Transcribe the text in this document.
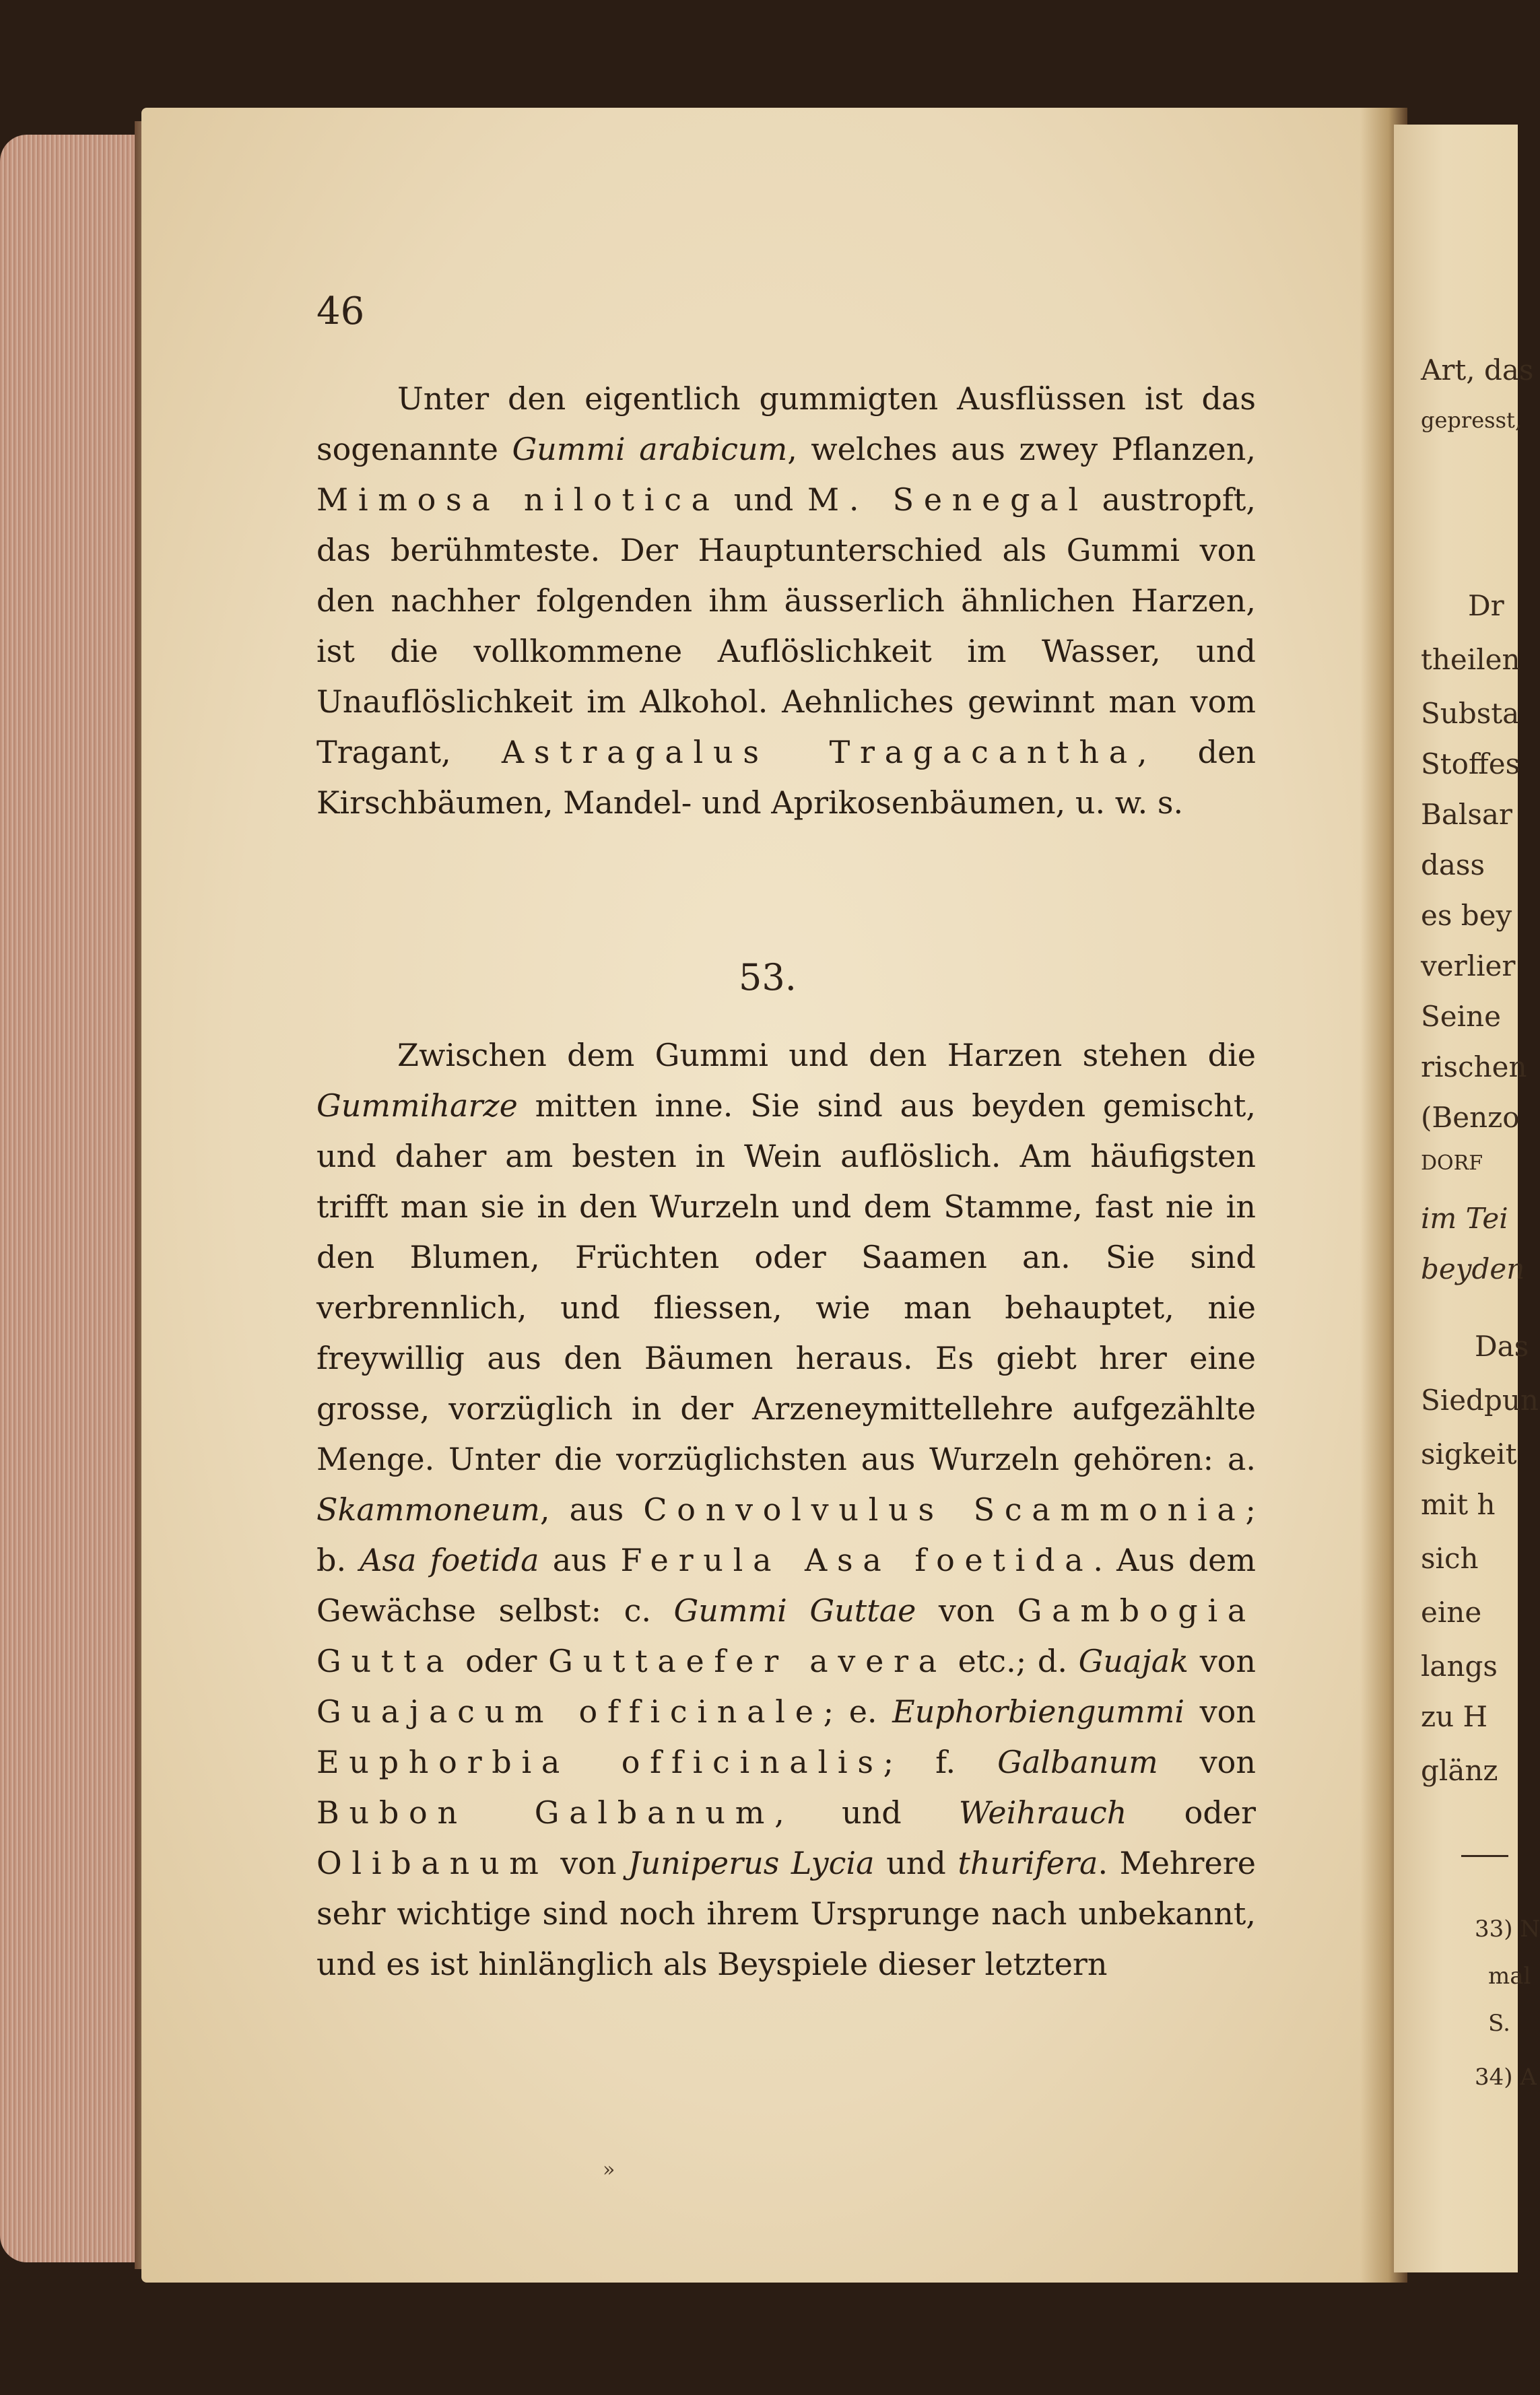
Art, das
gepresst,
Dr
theilen
Substa
Stoffes
Balsar
dass
es bey
verlier
Seine
rischen
(Benzo
DORF
im Tei
beyden
Das
Siedpun
sigkeit
mit h
sich
eine
langs
zu H
glänz
33) N
mal
S.
34) A
46

Unter den eigentlich gummigten Ausflüssen ist das sogenannte Gummi arabicum, welches aus zwey Pflanzen, Mimosa nilotica und M. Senegal austropft, das berühmteste. Der Hauptunterschied als Gummi von den nachher folgenden ihm äusserlich ähnlichen Harzen, ist die vollkommene Auflöslichkeit im Wasser, und Unauflöslichkeit im Alkohol. Aehnliches gewinnt man vom Tragant, Astragalus Tragacantha, den Kirschbäumen, Mandel- und Aprikosenbäumen, u. w. s.

53.

Zwischen dem Gummi und den Harzen stehen die Gummiharze mitten inne. Sie sind aus beyden gemischt, und daher am besten in Wein auflöslich. Am häufigsten trifft man sie in den Wurzeln und dem Stamme, fast nie in den Blumen, Früchten oder Saamen an. Sie sind verbrennlich, und fliessen, wie man behauptet, nie freywillig aus den Bäumen heraus. Es giebt hrer eine grosse, vorzüglich in der Arzeneymittellehre aufgezählte Menge. Unter die vorzüglichsten aus Wurzeln gehören: a. Skammoneum, aus Convolvulus Scammonia; b. Asa foetida aus Ferula Asa foetida. Aus dem Gewächse selbst: c. Gummi Guttae von Gambogia Gutta oder Guttaefer avera etc.; d. Guajak von Guajacum officinale; e. Euphorbiengummi von Euphorbia officinalis; f. Galbanum von Bubon Galbanum, und Weihrauch oder Olibanum von Juniperus Lycia und thurifera. Mehrere sehr wichtige sind noch ihrem Ursprunge nach unbekannt, und es ist hinlänglich als Beyspiele dieser letztern

»
